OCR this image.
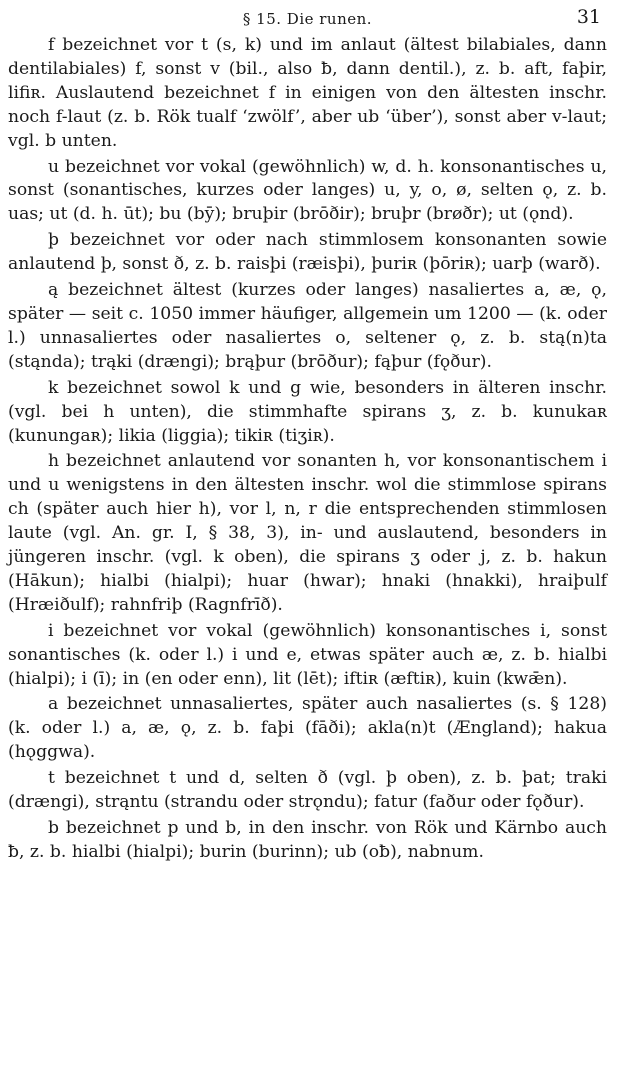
§ 15. Die runen.	31

f bezeichnet vor t (s, k) und im anlaut (ältest bilabiales, dann dentilabiales) f, sonst v (bil., also ƀ, dann dentil.), z. b. aft, faþir, lifiʀ. Auslautend bezeichnet f in einigen von den ältesten inschr. noch f-laut (z. b. Rök tualf ‘zwölf’, aber ub ‘über’), sonst aber v-laut; vgl. b unten.

u bezeichnet vor vokal (gewöhnlich) w, d. h. konsonantisches u, sonst (sonantisches, kurzes oder langes) u, y, o, ø, selten ǫ, z. b. uas; ut (d. h. ūt); bu (bȳ); bruþir (brōðir); bruþr (brøðr); ut (ǫnd).

þ bezeichnet vor oder nach stimmlosem konsonanten sowie anlautend þ, sonst ð, z. b. raisþi (ræisþi), þuriʀ (þōriʀ); uarþ (warð).

ą bezeichnet ältest (kurzes oder langes) nasaliertes a, æ, ǫ, später — seit c. 1050 immer häufiger, allgemein um 1200 — (k. oder l.) unnasaliertes oder nasaliertes o, seltener ǫ, z. b. stą(n)ta (stąnda); trąki (drængi); brąþur (brōður); fąþur (fǫður).

k bezeichnet sowol k und g wie, besonders in älteren inschr. (vgl. bei h unten), die stimmhafte spirans ʒ, z. b. kunukaʀ (kunungaʀ); likia (liggia); tikiʀ (tiʒiʀ).

h bezeichnet anlautend vor sonanten h, vor konsonantischem i und u wenigstens in den ältesten inschr. wol die stimmlose spirans ch (später auch hier h), vor l, n, r die entsprechenden stimmlosen laute (vgl. An. gr. I, § 38, 3), in- und auslautend, besonders in jüngeren inschr. (vgl. k oben), die spirans ʒ oder j, z. b. hakun (Hākun); hialbi (hialpi); huar (hwar); hnaki (hnakki), hraiþulf (Hræiðulf); rahnfriþ (Ragnfrīð).

i bezeichnet vor vokal (gewöhnlich) konsonantisches i, sonst sonantisches (k. oder l.) i und e, etwas später auch æ, z. b. hialbi (hialpi); i (ī); in (en oder enn), lit (lēt); iftiʀ (æftiʀ), kuin (kwǣn).

a bezeichnet unnasaliertes, später auch nasaliertes (s. § 128) (k. oder l.) a, æ, ǫ, z. b. faþi (fāði); akla(n)t (Ængland); hakua (hǫggwa).

t bezeichnet t und d, selten ð (vgl. þ oben), z. b. þat; traki (drængi), strąntu (strandu oder strǫndu); fatur (faður oder fǫður).

b bezeichnet p und b, in den inschr. von Rök und Kärnbo auch ƀ, z. b. hialbi (hialpi); burin (burinn); ub (oƀ), nabnum.
